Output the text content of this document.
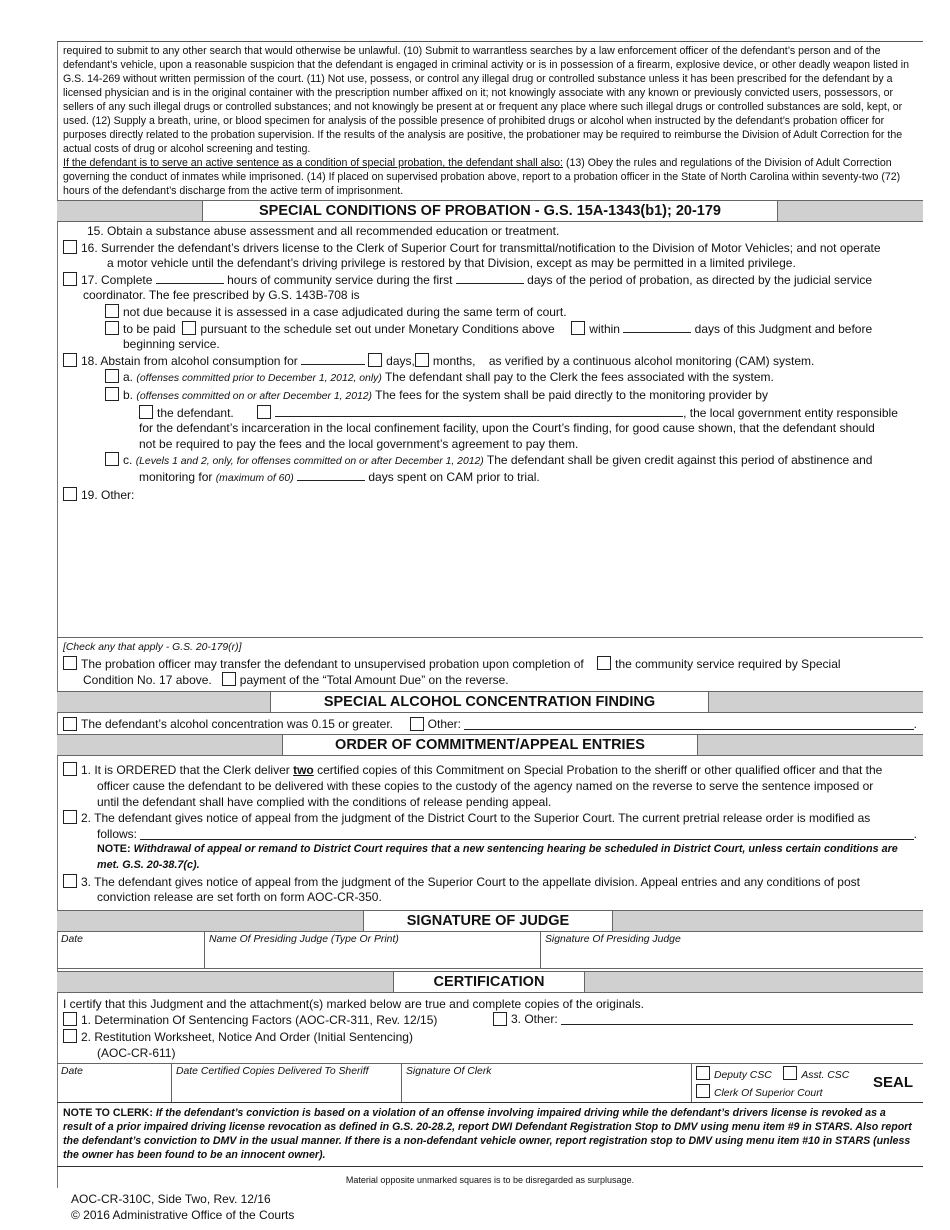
required to submit to any other search that would otherwise be unlawful. (10) Submit to warrantless searches by a law enforcement officer of the defendant’s person and of the defendant’s vehicle, upon a reasonable suspicion that the defendant is engaged in criminal activity or is in possession of a firearm, explosive device, or other deadly weapon listed in G.S. 14-269 without written permission of the court. (11) Not use, possess, or control any illegal drug or controlled substance unless it has been prescribed for the defendant by a licensed physician and is in the original container with the prescription number affixed on it; not knowingly associate with any known or previously convicted users, possessors, or sellers of any such illegal drugs or controlled substances; and not knowingly be present at or frequent any place where such illegal drugs or controlled substances are sold, kept, or used. (12) Supply a breath, urine, or blood specimen for analysis of the possible presence of prohibited drugs or alcohol when instructed by the defendant’s probation officer for purposes directly related to the probation supervision. If the results of the analysis are positive, the probationer may be required to reimburse the Division of Adult Correction for the actual costs of drug or alcohol screening and testing.

If the defendant is to serve an active sentence as a condition of special probation, the defendant shall also: (13) Obey the rules and regulations of the Division of Adult Correction governing the conduct of inmates while imprisoned. (14) If placed on supervised probation above, report to a probation officer in the State of North Carolina within seventy-two (72) hours of the defendant’s discharge from the active term of imprisonment.

SPECIAL CONDITIONS OF PROBATION - G.S. 15A-1343(b1); 20-179
15. Obtain a substance abuse assessment and all recommended education or treatment.
16. Surrender the defendant’s drivers license to the Clerk of Superior Court for transmittal/notification to the Division of Motor Vehicles; and not operate
a motor vehicle until the defendant’s driving privilege is restored by that Division, except as may be permitted in a limited privilege.
17. Complete	hours of community service during the first	days of the period of probation, as directed by the judicial service
coordinator. The fee prescribed by G.S. 143B-708 is
not due because it is assessed in a case adjudicated during the same term of court.
to be paid pursuant to the schedule set out under Monetary Conditions above	within	days of this Judgment and before
beginning service.
18. Abstain from alcohol consumption for	days, months, as verified by a continuous alcohol monitoring (CAM) system.
a. (offenses committed prior to December 1, 2012, only) The defendant shall pay to the Clerk the fees associated with the system.
b. (offenses committed on or after December 1, 2012) The fees for the system shall be paid directly to the monitoring provider by
the defendant.	, the local government entity responsible
for the defendant’s incarceration in the local confinement facility, upon the Court’s finding, for good cause shown, that the defendant should
not be required to pay the fees and the local government’s agreement to pay them.
c. (Levels 1 and 2, only, for offenses committed on or after December 1, 2012) The defendant shall be given credit against this period of abstinence and
monitoring for (maximum of 60)	days spent on CAM prior to trial.
19. Other:
[Check any that apply - G.S. 20-179(r)]
The probation officer may transfer the defendant to unsupervised probation upon completion of	the community service required by Special
Condition No. 17 above. payment of the “Total Amount Due” on the reverse.
SPECIAL ALCOHOL CONCENTRATION FINDING
The defendant’s alcohol concentration was 0.15 or greater.
	Other:
	.
ORDER OF COMMITMENT/APPEAL ENTRIES
1. It is ORDERED that the Clerk deliver two certified copies of this Commitment on Special Probation to the sheriff or other qualified officer and that the
officer cause the defendant to be delivered with these copies to the custody of the agency named on the reverse to serve the sentence imposed or
until the defendant shall have complied with the conditions of release pending appeal.
2. The defendant gives notice of appeal from the judgment of the District Court to the Superior Court. The current pretrial release order is modified as
follows:
	.
NOTE: Withdrawal of appeal or remand to District Court requires that a new sentencing hearing be scheduled in District Court, unless certain conditions are met. G.S. 20-38.7(c).
3. The defendant gives notice of appeal from the judgment of the Superior Court to the appellate division. Appeal entries and any conditions of post
conviction release are set forth on form AOC-CR-350.
SIGNATURE OF JUDGE
Date	Name Of Presiding Judge (Type Or Print)	Signature Of Presiding Judge
CERTIFICATION
I certify that this Judgment and the attachment(s) marked below are true and complete copies of the originals.
1. Determination Of Sentencing Factors (AOC-CR-311, Rev. 12/15)	3. Other:

2. Restitution Worksheet, Notice And Order (Initial Sentencing)
(AOC-CR-611)
Date	Date Certified Copies Delivered To Sheriff	Signature Of Clerk	Deputy CSC	Asst. CSC
Clerk Of Superior Court
SEAL
NOTE TO CLERK: If the defendant’s conviction is based on a violation of an offense involving impaired driving while the defendant’s drivers license is revoked as a result of a prior impaired driving license revocation as defined in G.S. 20-28.2, report DWI Defendant Registration Stop to DMV using menu item #9 in STARS. Also report the defendant’s conviction to DMV in the usual manner. If there is a non-defendant vehicle owner, report registration stop to DMV using menu item #10 in STARS (unless the owner has been found to be an innocent owner).
Material opposite unmarked squares is to be disregarded as surplusage.
AOC-CR-310C, Side Two, Rev. 12/16
© 2016 Administrative Office of the Courts
